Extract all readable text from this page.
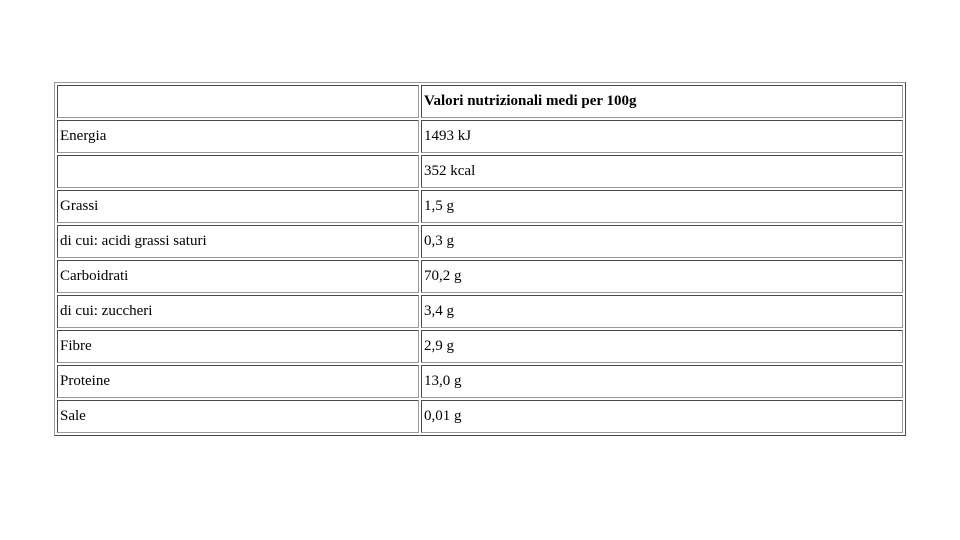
	Valori nutrizionali medi per 100g
Energia	1493 kJ
	352 kcal
Grassi	1,5 g
di cui: acidi grassi saturi	0,3 g
Carboidrati	70,2 g
di cui: zuccheri	3,4 g
Fibre	2,9 g
Proteine	13,0 g
Sale	0,01 g
